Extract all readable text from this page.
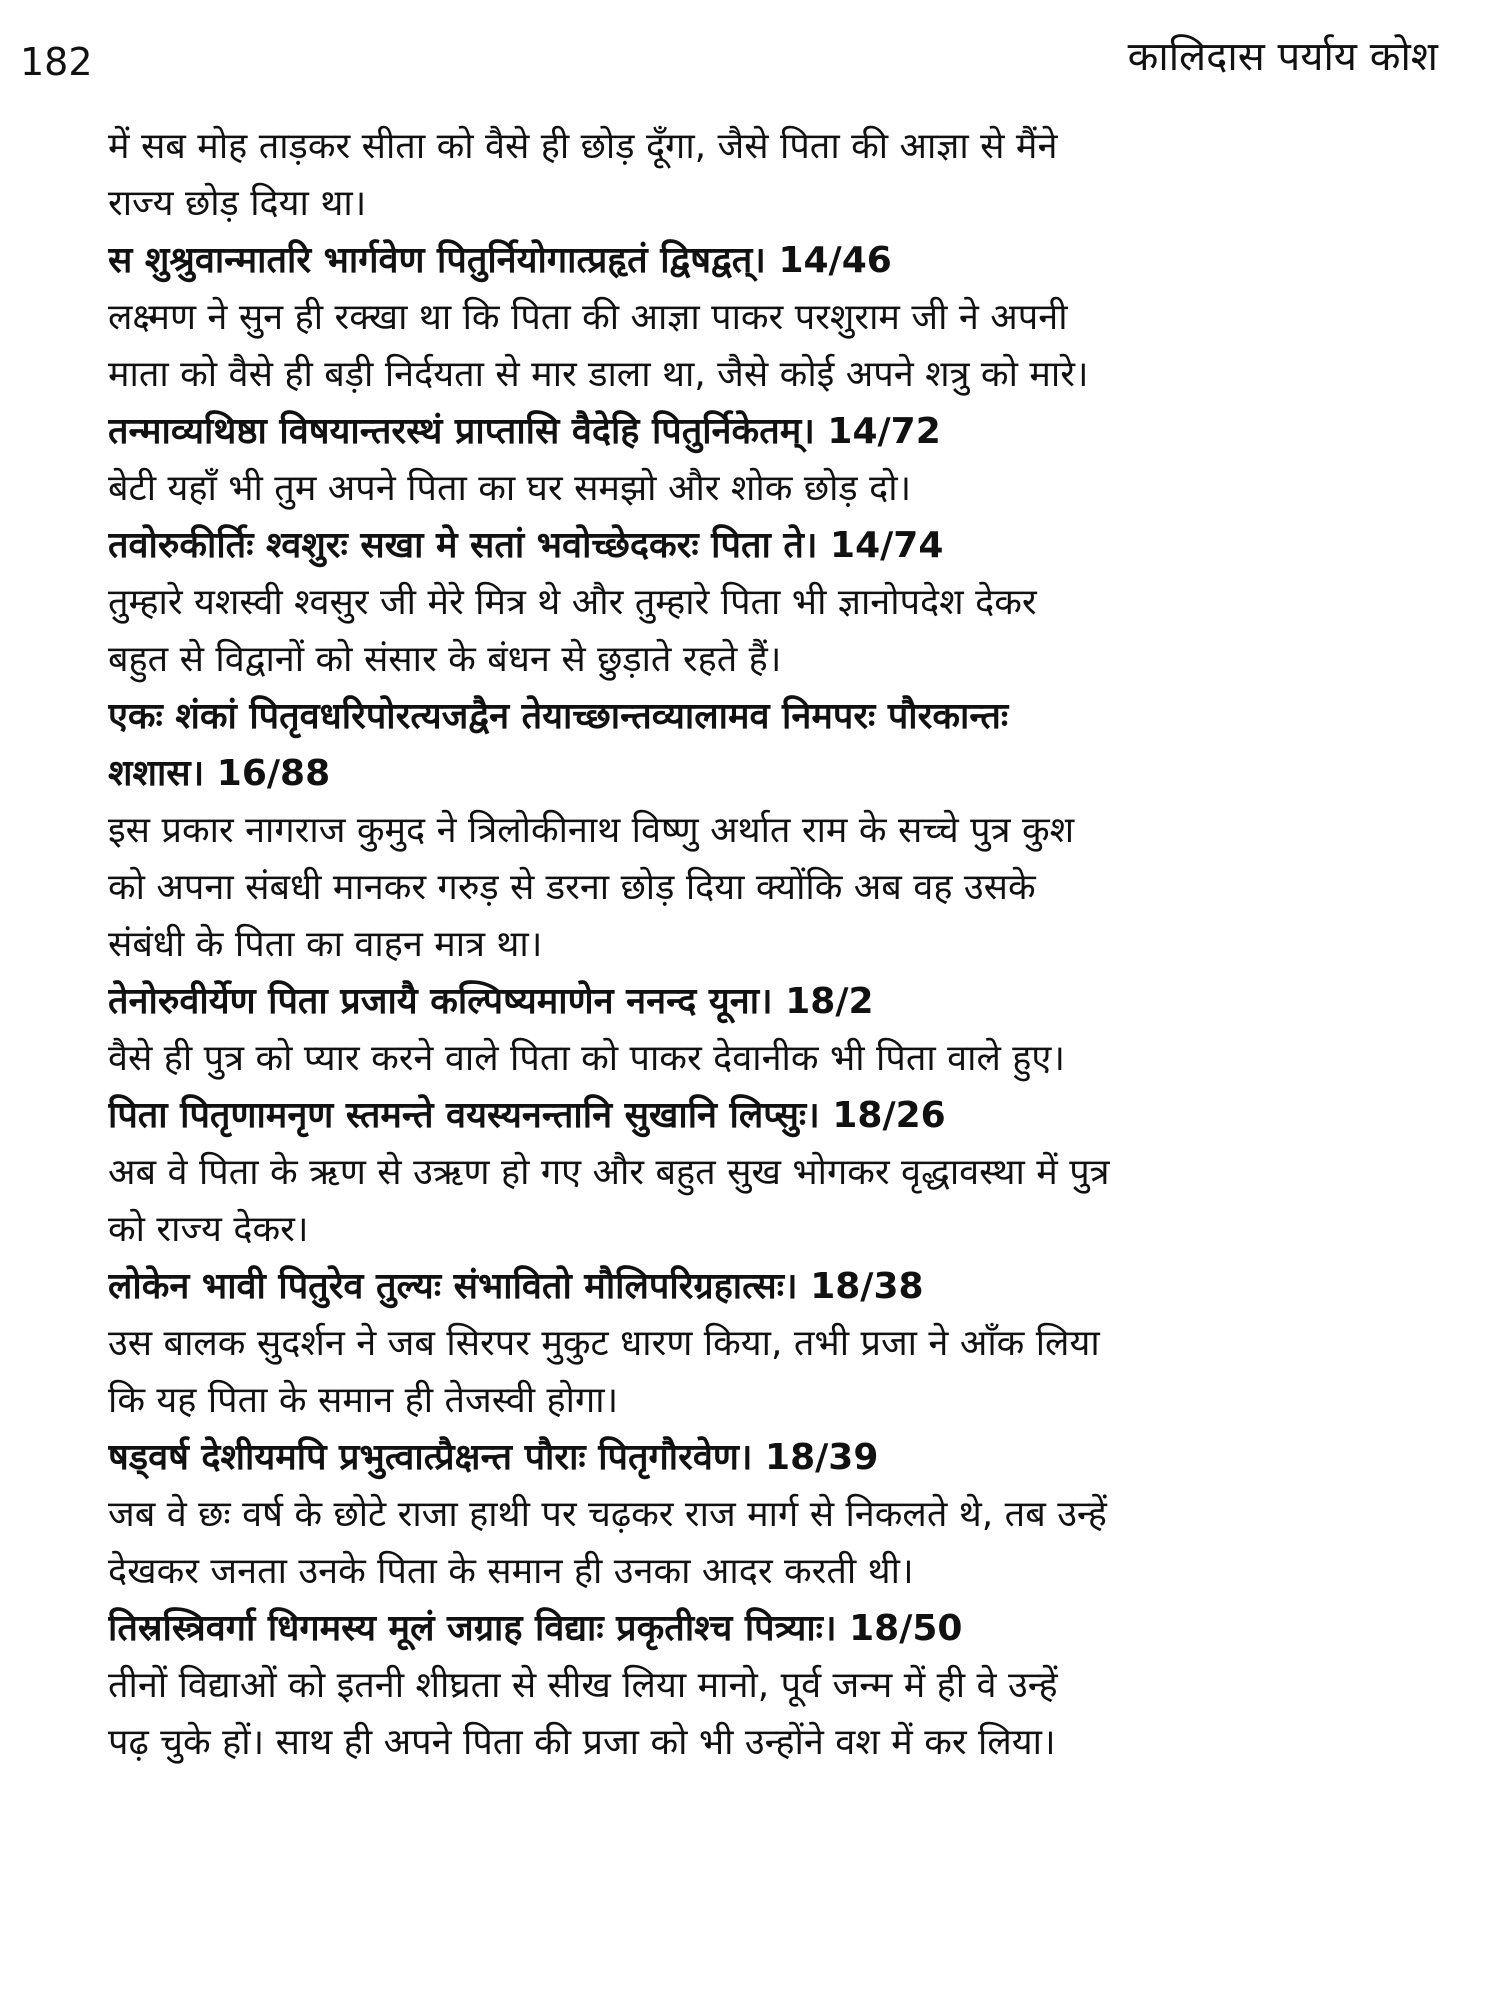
182	कालिदास पर्याय कोश
में सब मोह ताड़कर सीता को वैसे ही छोड़ दूँगा, जैसे पिता की आज्ञा से मैंने
राज्य छोड़ दिया था।
स शुश्रुवान्मातरि भार्गवेण पितुर्नियोगात्प्रहृतं द्विषद्वत्। 14/46
लक्ष्मण ने सुन ही रक्खा था कि पिता की आज्ञा पाकर परशुराम जी ने अपनी
माता को वैसे ही बड़ी निर्दयता से मार डाला था, जैसे कोई अपने शत्रु को मारे।
तन्माव्यथिष्ठा विषयान्तरस्थं प्राप्तासि वैदेहि पितुर्निकेतम्। 14/72
बेटी यहाँ भी तुम अपने पिता का घर समझो और शोक छोड़ दो।
तवोरुकीर्तिः श्वशुरः सखा मे सतां भवोच्छेदकरः पिता ते। 14/74
तुम्हारे यशस्वी श्वसुर जी मेरे मित्र थे और तुम्हारे पिता भी ज्ञानोपदेश देकर
बहुत से विद्वानों को संसार के बंधन से छुड़ाते रहते हैं।
एकः शंकां पितृवधरिपोरत्यजद्वैन तेयाच्छान्तव्यालामव निमपरः पौरकान्तः
शशास। 16/88
इस प्रकार नागराज कुमुद ने त्रिलोकीनाथ विष्णु अर्थात राम के सच्चे पुत्र कुश
को अपना संबधी मानकर गरुड़ से डरना छोड़ दिया क्योंकि अब वह उसके
संबंधी के पिता का वाहन मात्र था।
तेनोरुवीर्येण पिता प्रजायै कल्पिष्यमाणेन ननन्द यूना। 18/2
वैसे ही पुत्र को प्यार करने वाले पिता को पाकर देवानीक भी पिता वाले हुए।
पिता पितृणामनृण स्तमन्ते वयस्यनन्तानि सुखानि लिप्सुः। 18/26
अब वे पिता के ऋण से उऋण हो गए और बहुत सुख भोगकर वृद्धावस्था में पुत्र
को राज्य देकर।
लोकेन भावी पितुरेव तुल्यः संभावितो मौलिपरिग्रहात्सः। 18/38
उस बालक सुदर्शन ने जब सिरपर मुकुट धारण किया, तभी प्रजा ने आँक लिया
कि यह पिता के समान ही तेजस्वी होगा।
षड्वर्ष देशीयमपि प्रभुत्वात्प्रैक्षन्त पौराः पितृगौरवेण। 18/39
जब वे छः वर्ष के छोटे राजा हाथी पर चढ़कर राज मार्ग से निकलते थे, तब उन्हें
देखकर जनता उनके पिता के समान ही उनका आदर करती थी।
तिस्रस्त्रिवर्गा धिगमस्य मूलं जग्राह विद्याः प्रकृतीश्च पित्र्याः। 18/50
तीनों विद्याओं को इतनी शीघ्रता से सीख लिया मानो, पूर्व जन्म में ही वे उन्हें
पढ़ चुके हों। साथ ही अपने पिता की प्रजा को भी उन्होंने वश में कर लिया।
